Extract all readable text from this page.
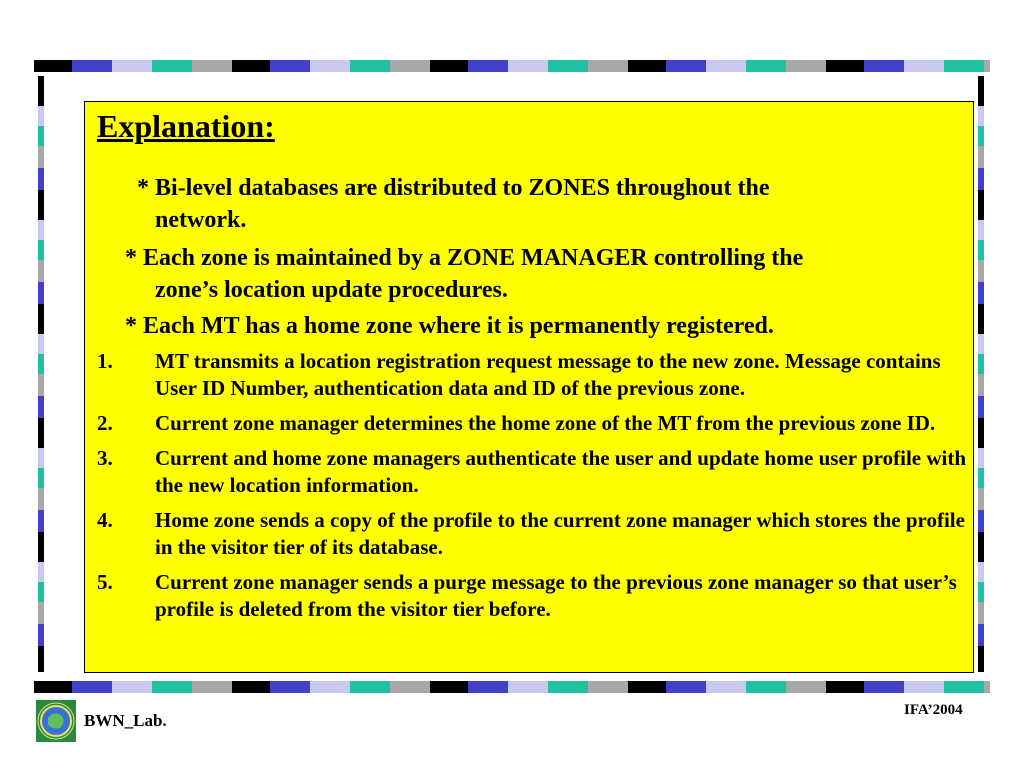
Explanation:
* Bi-level databases are distributed to ZONES throughout the
network.
* Each zone is maintained by a ZONE MANAGER controlling the
zone’s location update procedures.
* Each MT has a home zone where it is permanently registered.
1. MT transmits a location registration request message to the new zone. Message contains User ID Number, authentication data and ID of the previous zone.
2. Current zone manager determines the home zone of the MT from the previous zone ID.
3. Current and home zone managers authenticate the user and update home user profile with the new location information.
4. Home zone sends a copy of the profile to the current zone manager which stores the profile in the visitor tier of its database.
5. Current zone manager sends a purge message to the previous zone manager so that user’s profile is deleted from the visitor tier before.
BWN_Lab.
IFA’2004
